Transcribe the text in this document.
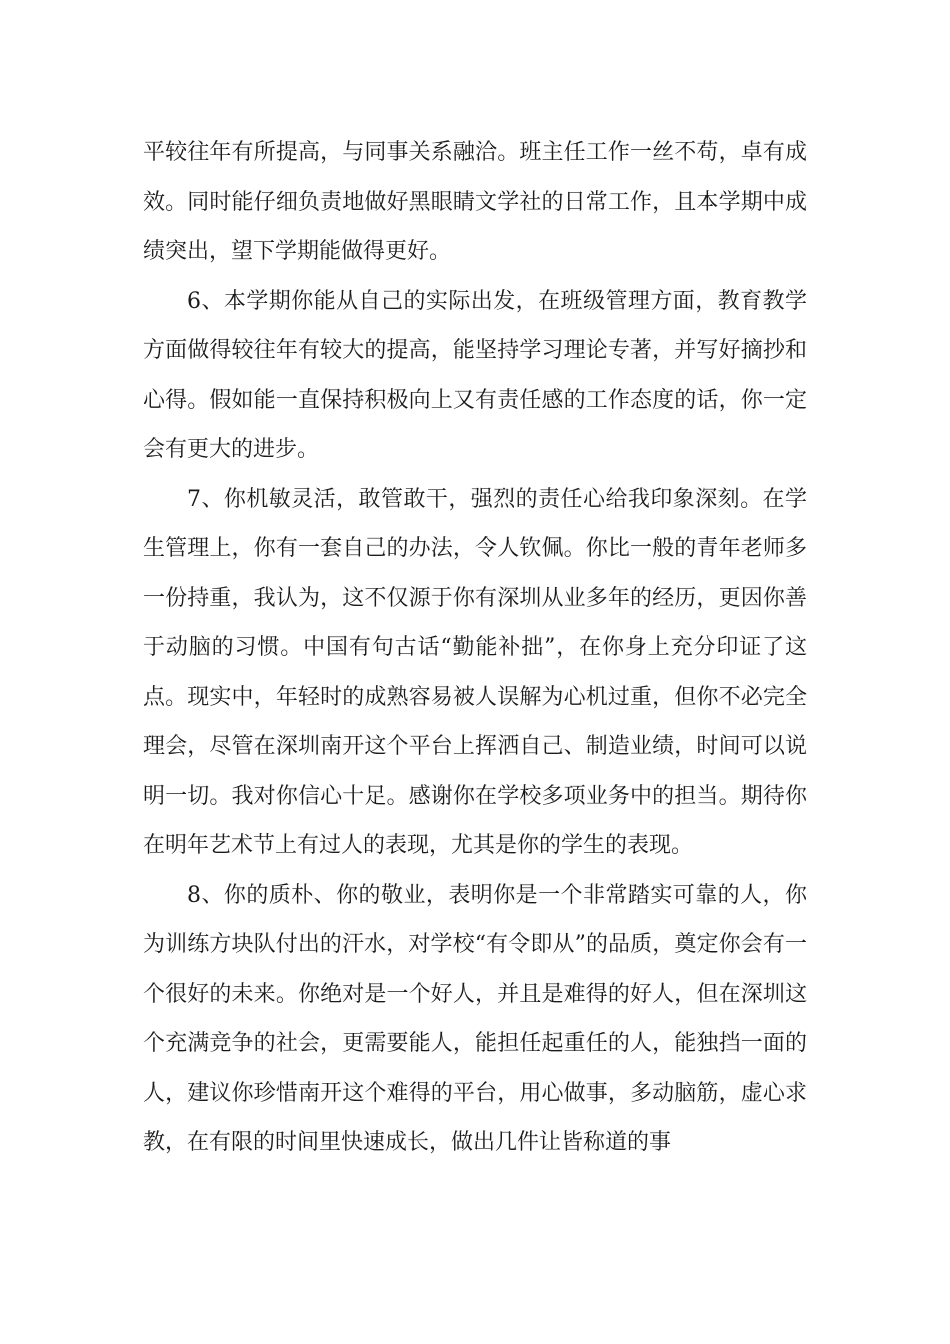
平较往年有所提高，与同事关系融洽。班主任工作一丝不苟，卓有成效。同时能仔细负责地做好黑眼睛文学社的日常工作，且本学期中成绩突出，望下学期能做得更好。

6、本学期你能从自己的实际出发，在班级管理方面，教育教学方面做得较往年有较大的提高，能坚持学习理论专著，并写好摘抄和心得。假如能一直保持积极向上又有责任感的工作态度的话，你一定会有更大的进步。

7、你机敏灵活，敢管敢干，强烈的责任心给我印象深刻。在学生管理上，你有一套自己的办法，令人钦佩。你比一般的青年老师多一份持重，我认为，这不仅源于你有深圳从业多年的经历，更因你善于动脑的习惯。中国有句古话“勤能补拙”，在你身上充分印证了这点。现实中，年轻时的成熟容易被人误解为心机过重，但你不必完全理会，尽管在深圳南开这个平台上挥洒自己、制造业绩，时间可以说明一切。我对你信心十足。感谢你在学校多项业务中的担当。期待你在明年艺术节上有过人的表现，尤其是你的学生的表现。

8、你的质朴、你的敬业，表明你是一个非常踏实可靠的人，你为训练方块队付出的汗水，对学校“有令即从”的品质，奠定你会有一个很好的未来。你绝对是一个好人，并且是难得的好人，但在深圳这个充满竞争的社会，更需要能人，能担任起重任的人，能独挡一面的人，建议你珍惜南开这个难得的平台，用心做事，多动脑筋，虚心求教，在有限的时间里快速成长，做出几件让皆称道的事
